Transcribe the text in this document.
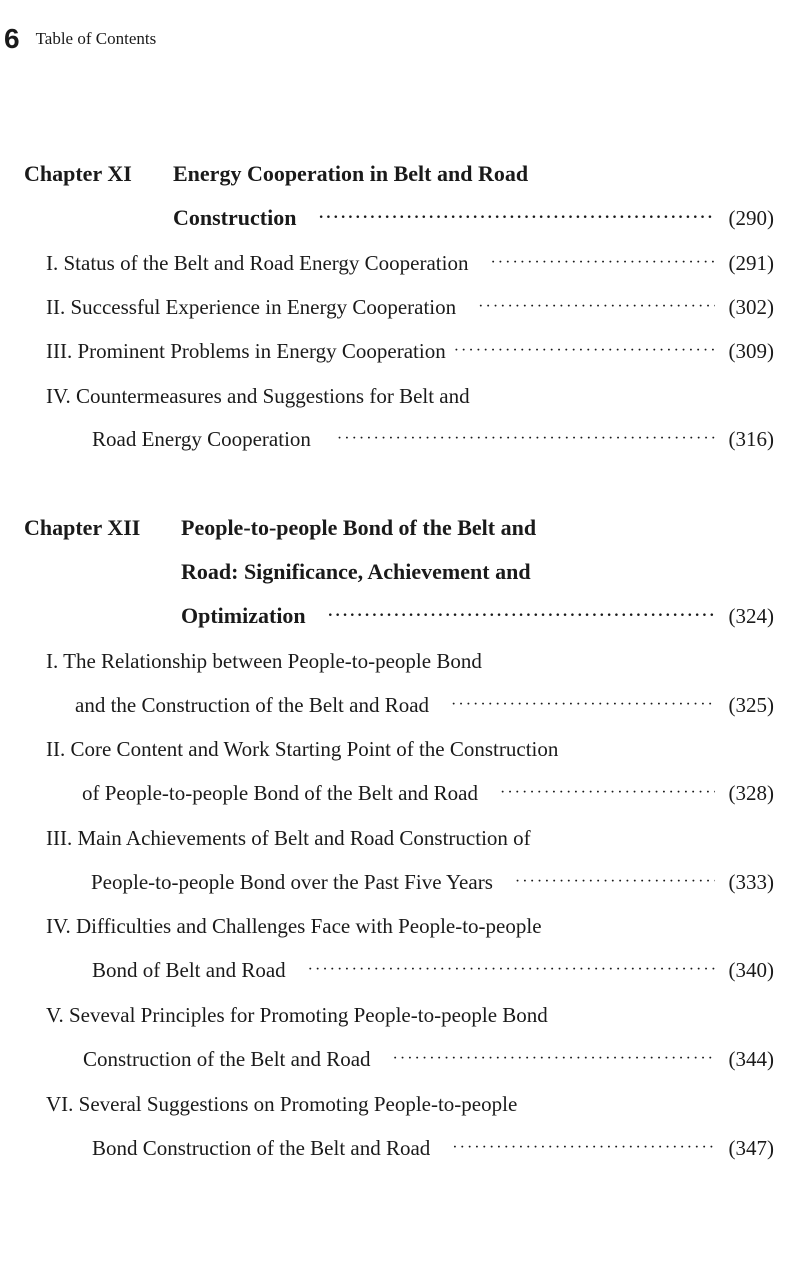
6 Table of Contents
Chapter XI Energy Cooperation in Belt and Road
Construction ·····	(290)
I. Status of the Belt and Road Energy Cooperation ·····	(291)
II. Successful Experience in Energy Cooperation ·····	(302)
III. Prominent Problems in Energy Cooperation ·····	(309)
IV. Countermeasures and Suggestions for Belt and
Road Energy Cooperation ·····	(316)
Chapter XII People-to-people Bond of the Belt and
Road: Significance, Achievement and
Optimization ·····	(324)
I. The Relationship between People-to-people Bond
and the Construction of the Belt and Road ·····	(325)
II. Core Content and Work Starting Point of the Construction
of People-to-people Bond of the Belt and Road ·····	(328)
III. Main Achievements of Belt and Road Construction of
People-to-people Bond over the Past Five Years ·····	(333)
IV. Difficulties and Challenges Face with People-to-people
Bond of Belt and Road ·····	(340)
V. Seveval Principles for Promoting People-to-people Bond
Construction of the Belt and Road ·····	(344)
VI. Several Suggestions on Promoting People-to-people
Bond Construction of the Belt and Road ·····	(347)
